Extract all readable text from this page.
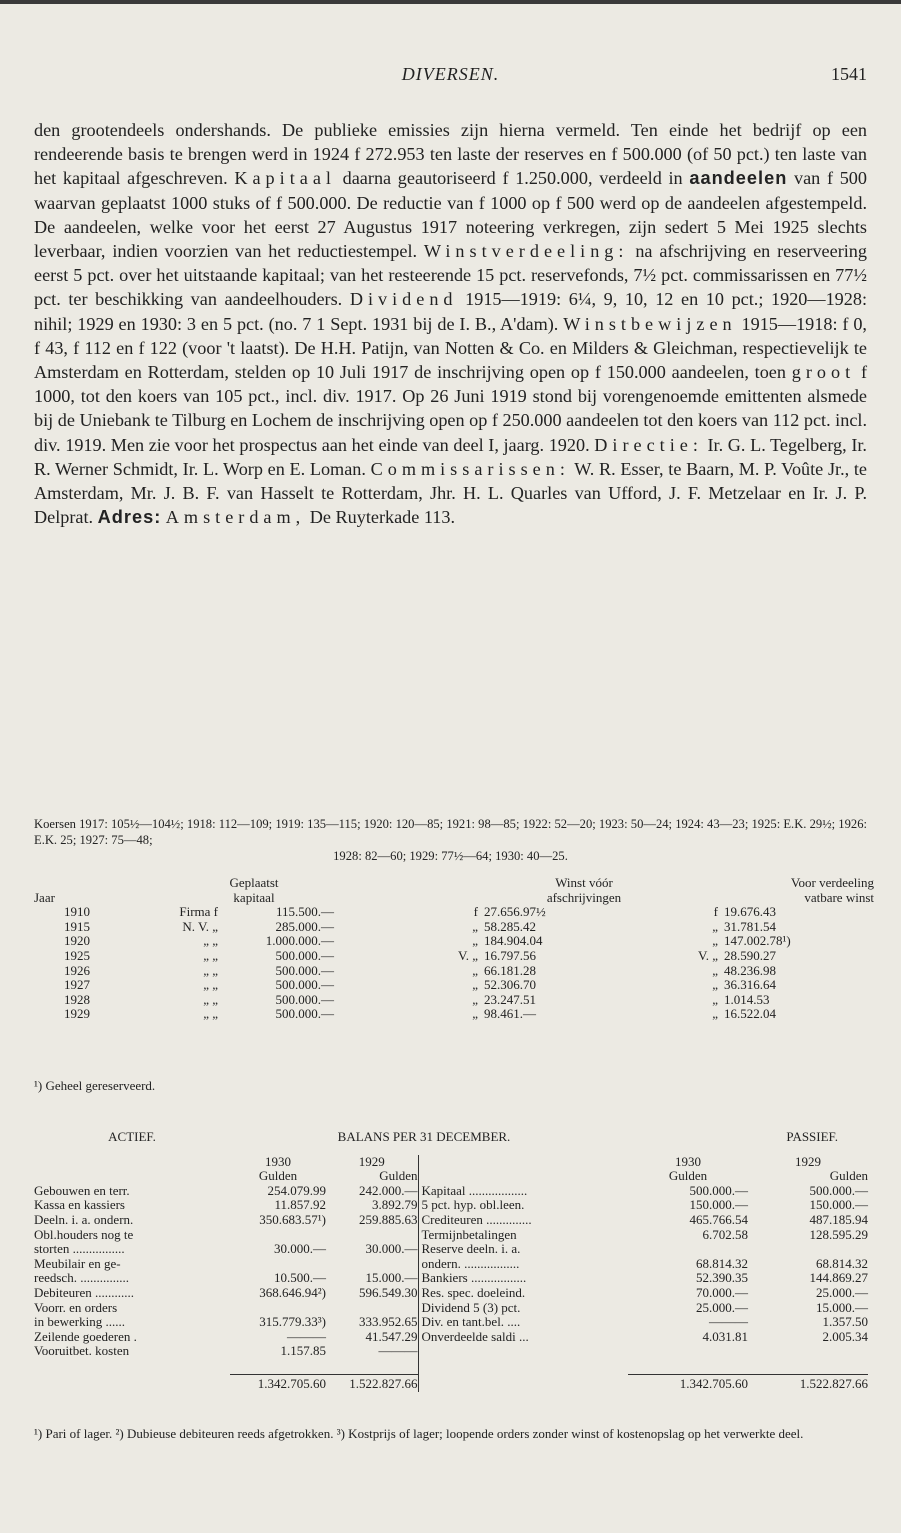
DIVERSEN.	1541

den grootendeels ondershands. De publieke emissies zijn hierna vermeld. Ten einde het bedrijf op een rendeerende basis te brengen werd in 1924 f 272.953 ten laste der reserves en f 500.000 (of 50 pct.) ten laste van het kapitaal afgeschreven. Kapitaal daarna geautoriseerd f 1.250.000, verdeeld in aandeelen van f 500 waarvan geplaatst 1000 stuks of f 500.000. De reductie van f 1000 op f 500 werd op de aandeelen afgestempeld. De aandeelen, welke voor het eerst 27 Augustus 1917 noteering verkregen, zijn sedert 5 Mei 1925 slechts leverbaar, indien voorzien van het reductiestempel. Winstverdeeling: na afschrijving en reserveering eerst 5 pct. over het uitstaande kapitaal; van het resteerende 15 pct. reservefonds, 7½ pct. commissarissen en 77½ pct. ter beschikking van aandeelhouders. Dividend 1915—1919: 6¼, 9, 10, 12 en 10 pct.; 1920—1928: nihil; 1929 en 1930: 3 en 5 pct. (no. 7 1 Sept. 1931 bij de I. B., A'dam). Winstbewijzen 1915—1918: f 0, f 43, f 112 en f 122 (voor 't laatst). De H.H. Patijn, van Notten & Co. en Milders & Gleichman, respectievelijk te Amsterdam en Rotterdam, stelden op 10 Juli 1917 de inschrijving open op f 150.000 aandeelen, toen groot f 1000, tot den koers van 105 pct., incl. div. 1917. Op 26 Juni 1919 stond bij vorengenoemde emittenten alsmede bij de Uniebank te Tilburg en Lochem de inschrijving open op f 250.000 aandeelen tot den koers van 112 pct. incl. div. 1919. Men zie voor het prospectus aan het einde van deel I, jaarg. 1920. Directie: Ir. G. L. Tegelberg, Ir. R. Werner Schmidt, Ir. L. Worp en E. Loman. Commissarissen: W. R. Esser, te Baarn, M. P. Voûte Jr., te Amsterdam, Mr. J. B. F. van Hasselt te Rotterdam, Jhr. H. L. Quarles van Ufford, J. F. Metzelaar en Ir. J. P. Delprat. Adres: Amsterdam, De Ruyterkade 113.

Koersen 1917: 105½—104½; 1918: 112—109; 1919: 135—115; 1920: 120—85; 1921: 98—85; 1922: 52—20; 1923: 50—24; 1924: 43—23; 1925: E.K. 29½; 1926: E.K. 25; 1927: 75—48;
1928: 82—60; 1929: 77½—64; 1930: 40—25.
	Geplaatst		Winst vóór			Voor verdeeling	
Jaar	kapitaal		afschrijvingen			vatbare winst	
1910	Firma f	115.500.—	f	27.656.97½	f	19.676.43	
1915	N. V. „	285.000.—	„	58.285.42	„	31.781.54	
1920	„ „	1.000.000.—	„	184.904.04	„	147.002.78¹)	
1925	„ „	500.000.—	V. „	16.797.56	V. „	28.590.27	
1926	„ „	500.000.—	„	66.181.28	„	48.236.98	
1927	„ „	500.000.—	„	52.306.70	„	36.316.64	
1928	„ „	500.000.—	„	23.247.51	„	1.014.53	
1929	„ „	500.000.—	„	98.461.—	„	16.522.04	
¹) Geheel gereserveerd.
ACTIEF.	BALANS PER 31 DECEMBER.			PASSIEF.	
	1930	1929		1930	1929
	Gulden	Gulden		Gulden	Gulden
Gebouwen en terr.	254.079.99	242.000.—	Kapitaal ..................	500.000.—	500.000.—
Kassa en kassiers	11.857.92	3.892.79	5 pct. hyp. obl.leen.	150.000.—	150.000.—
Deeln. i. a. ondern.	350.683.57¹)	259.885.63	Crediteuren ..............	465.766.54	487.185.94
Obl.houders nog te			Termijnbetalingen	6.702.58	128.595.29
storten ................	30.000.—	30.000.—	Reserve deeln. i. a.		
Meubilair en ge-			ondern. .................	68.814.32	68.814.32
reedsch. ...............	10.500.—	15.000.—	Bankiers .................	52.390.35	144.869.27
Debiteuren ............	368.646.94²)	596.549.30	Res. spec. doeleind.	70.000.—	25.000.—
Voorr. en orders			Dividend 5 (3) pct.	25.000.—	15.000.—
in bewerking ......	315.779.33³)	333.952.65	Div. en tant.bel. ....	———	1.357.50
Zeilende goederen .	———	41.547.29	Onverdeelde saldi ...	4.031.81	2.005.34
Vooruitbet. kosten	1.157.85	———			

	1.342.705.60	1.522.827.66		1.342.705.60	1.522.827.66
¹) Pari of lager. ²) Dubieuse debiteuren reeds afgetrokken. ³) Kostprijs of lager; loopende orders zonder winst of kostenopslag op het verwerkte deel.
